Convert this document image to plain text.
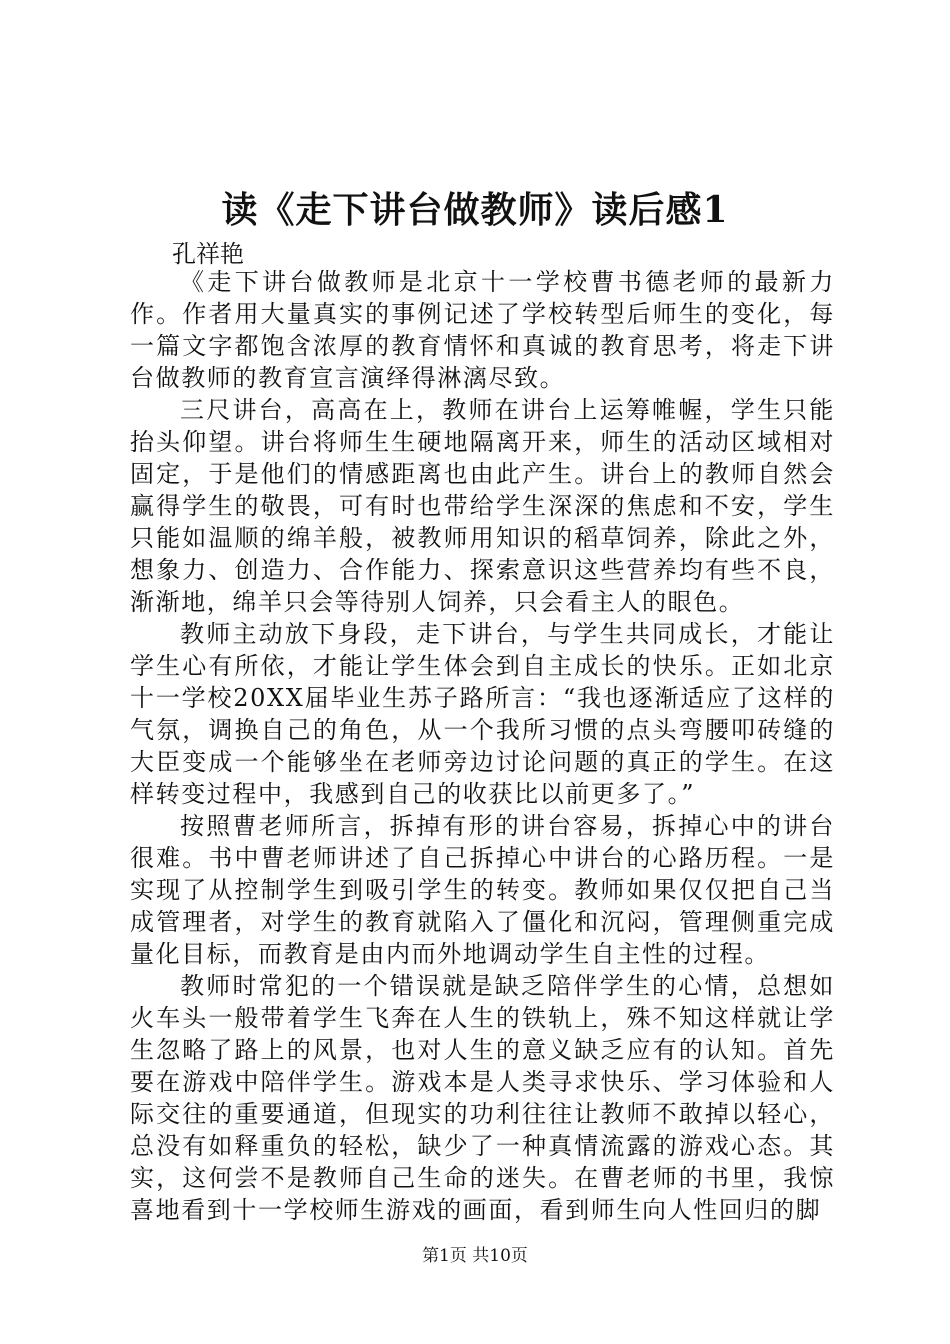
读《走下讲台做教师》读后感1
孔祥艳

《走下讲台做教师是北京十一学校曹书德老师的最新力作。作者用大量真实的事例记述了学校转型后师生的变化，每一篇文字都饱含浓厚的教育情怀和真诚的教育思考，将走下讲台做教师的教育宣言演绎得淋漓尽致。

三尺讲台，高高在上，教师在讲台上运筹帷幄，学生只能抬头仰望。讲台将师生生硬地隔离开来，师生的活动区域相对固定，于是他们的情感距离也由此产生。讲台上的教师自然会赢得学生的敬畏，可有时也带给学生深深的焦虑和不安，学生只能如温顺的绵羊般，被教师用知识的稻草饲养，除此之外，想象力、创造力、合作能力、探索意识这些营养均有些不良，渐渐地，绵羊只会等待别人饲养，只会看主人的眼色。

教师主动放下身段，走下讲台，与学生共同成长，才能让学生心有所依，才能让学生体会到自主成长的快乐。正如北京十一学校20XX届毕业生苏子路所言：“我也逐渐适应了这样的气氛，调换自己的角色，从一个我所习惯的点头弯腰叩砖缝的大臣变成一个能够坐在老师旁边讨论问题的真正的学生。在这样转变过程中，我感到自己的收获比以前更多了。”

按照曹老师所言，拆掉有形的讲台容易，拆掉心中的讲台很难。书中曹老师讲述了自己拆掉心中讲台的心路历程。一是实现了从控制学生到吸引学生的转变。教师如果仅仅把自己当成管理者，对学生的教育就陷入了僵化和沉闷，管理侧重完成量化目标，而教育是由内而外地调动学生自主性的过程。

教师时常犯的一个错误就是缺乏陪伴学生的心情，总想如火车头一般带着学生飞奔在人生的铁轨上，殊不知这样就让学生忽略了路上的风景，也对人生的意义缺乏应有的认知。首先要在游戏中陪伴学生。游戏本是人类寻求快乐、学习体验和人际交往的重要通道，但现实的功利往往让教师不敢掉以轻心，总没有如释重负的轻松，缺少了一种真情流露的游戏心态。其实，这何尝不是教师自己生命的迷失。在曹老师的书里，我惊喜地看到十一学校师生游戏的画面，看到师生向人性回归的脚

第1页 共10页
